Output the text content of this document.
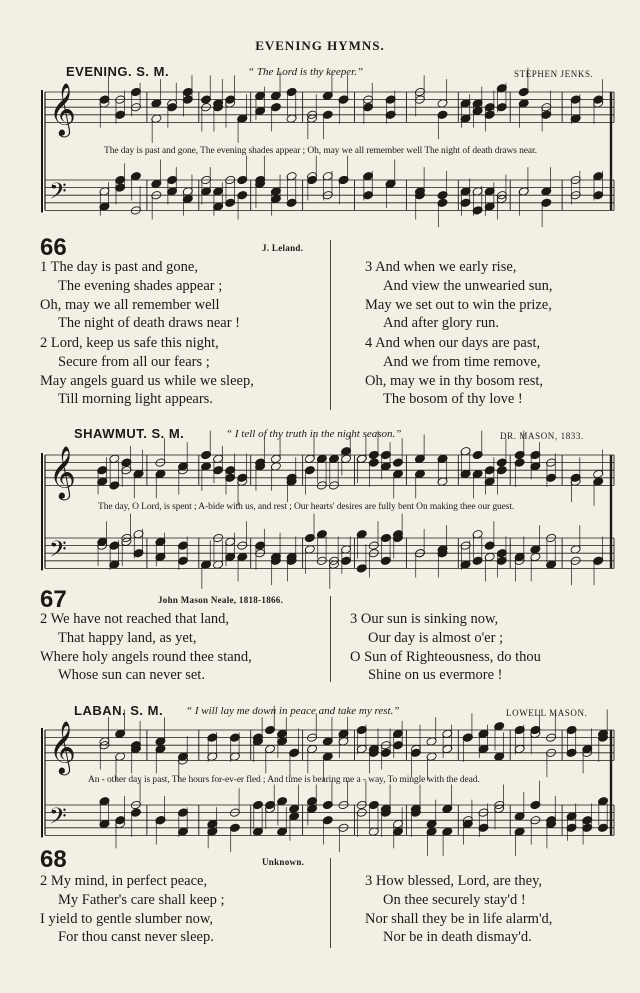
EVENING HYMNS.
EVENING. S. M.	“ The Lord is thy keeper.”	STEPHEN JENKS.
The day is past and gone, The evening shades appear ; Oh, may we all remember well The night of death draws near.
SHAWMUT. S. M.	“ I tell of thy truth in the night season.”	DR. MASON, 1833.
The day, O Lord, is spent ; A-bide with us, and rest ; Our hearts' desires are fully bent On making thee our guest.
LABAN. S. M. “ I will lay me down in peace and take my rest.”	LOWELL MASON.
An - other day is past, The hours for-ev-er fled ; And time is bearing me a - way, To mingle with the dead.
66	J. Leland.
1 The day is past and gone,
The evening shades appear ;
Oh, may we all remember well
The night of death draws near !
2 Lord, keep us safe this night,
Secure from all our fears ;
May angels guard us while we sleep,
Till morning light appears.
3 And when we early rise,
And view the unwearied sun,
May we set out to win the prize,
And after glory run.
4 And when our days are past,
And we from time remove,
Oh, may we in thy bosom rest,
The bosom of thy love !
67	John Mason Neale, 1818-1866.
2 We have not reached that land,
That happy land, as yet,
Where holy angels round thee stand,
Whose sun can never set.
3 Our sun is sinking now,
Our day is almost o'er ;
O Sun of Righteousness, do thou
Shine on us evermore !
68	Unknown.
2 My mind, in perfect peace,
My Father's care shall keep ;
I yield to gentle slumber now,
For thou canst never sleep.
3 How blessed, Lord, are they,
On thee securely stay'd !
Nor shall they be in life alarm'd,
Nor be in death dismay'd.
𝄞
𝄢
𝄞
𝄢
𝄞
𝄢
